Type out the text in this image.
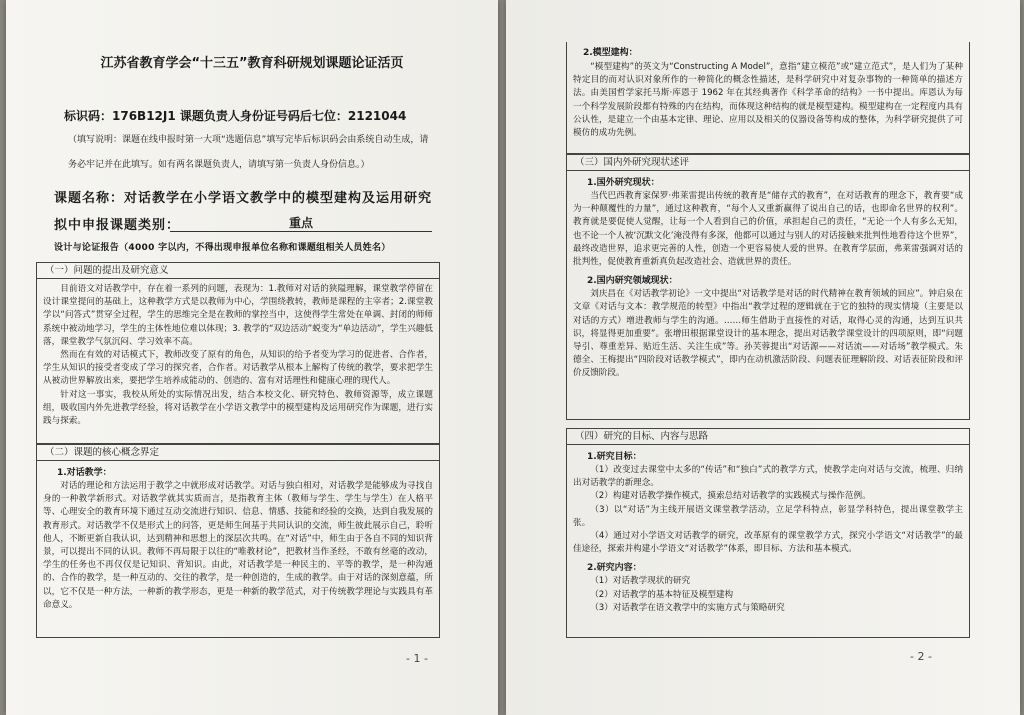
江苏省教育学会“十三五”教育科研规划课题论证活页
标识码：176B12J1 课题负责人身份证号码后七位：2121044
（填写说明：课题在线申报时第一大项“选题信息”填写完毕后标识码会由系统自动生成，请
务必牢记并在此填写。如有两名课题负责人，请填写第一负责人身份信息。）
课题名称：对话教学在小学语文教学中的模型建构及运用研究
拟中申报课题类别：	重点
设计与论证报告（4000 字以内，不得出现申报单位名称和课题组相关人员姓名）
（一）问题的提出及研究意义

目前语文对话教学中，存在着一系列的问题，表现为：1.教师对对话的狭隘理解，课堂教学停留在设计课堂提问的基础上，这种教学方式是以教师为中心，学围绕教转，教师是课程的主宰者；2.课堂教学以“问答式”贯穿全过程，学生的思维完全是在教师的掌控当中，这使得学生常处在单调、封闭的师师系统中被动地学习，学生的主体性地位难以体现；3. 教学的“双边活动”蜕变为“单边活动”，学生兴趣低落，课堂教学气氛沉闷、学习效率不高。

然而在有效的对话模式下，教师改变了原有的角色，从知识的给予者变为学习的促进者、合作者，学生从知识的接受者变成了学习的探究者，合作者。对话教学从根本上解构了传统的教学，要求把学生从被动世界解放出来，要把学生培养成能动的、创造的、富有对话理性和健康心理的现代人。

针对这一事实，我校从所处的实际情况出发，结合本校文化、研究特色、教师资源等，成立课题组，吸收国内外先进教学经验，将对话教学在小学语文教学中的模型建构及运用研究作为课题，进行实践与探索。

（二）课题的核心概念界定
1.对话教学：

对话的理论和方法运用于教学之中就形成对话教学。对话与独白相对，对话教学是能够成为寻找自身的一种教学新形式。对话教学就其实质而言，是指教育主体（教师与学生、学生与学生）在人格平等、心理安全的教育环境下通过互动交流进行知识、信息、情感、技能和经验的交换，达到自我发展的教育形式。对话教学不仅是形式上的问答，更是师生间基于共同认识的交流，师生彼此展示自己，聆听他人，不断更新自我认识，达到精神和思想上的深层次共鸣。在“对话”中，师生由于各自不同的知识背景，可以提出不同的认识。教师不再局限于以往的“唯教材论”，把教材当作圣经，不敢有丝毫的改动，学生的任务也不再仅仅是记知识、背知识。由此，对话教学是一种民主的、平等的教学，是一种沟通的、合作的教学，是一种互动的、交往的教学，是一种创造的，生成的教学。由于对话的深刻意蕴，所以，它不仅是一种方法，一种新的教学形态，更是一种新的教学范式，对于传统教学理论与实践具有革命意义。

- 1 -
2.模型建构：

“模型建构”的英文为“Constructing A Model”，意指“建立模范”或“建立范式”，是人们为了某种特定目的而对认识对象所作的一种简化的概念性描述，是科学研究中对复杂事物的一种简单的描述方法。由美国哲学家托马斯·库恩于 1962 年在其经典著作《科学革命的结构》一书中提出。库恩认为每一个科学发展阶段都有特殊的内在结构，而体现这种结构的就是模型建构。模型建构在一定程度内具有公认性，是建立一个由基本定律、理论、应用以及相关的仪器设备等构成的整体，为科学研究提供了可模仿的成功先例。

（三）国内外研究现状述评
1.国外研究现状：

当代巴西教育家保罗·弗莱雷提出传统的教育是“储存式的教育”，在对话教育的理念下，教育要“成为一种颠覆性的力量”，通过这种教育，“每个人又重新赢得了说出自己的话，也即命名世界的权利”。教育就是要促使人觉醒，让每一个人看到自己的价值，承担起自己的责任，“无论一个人有多么无知，也不论一个人被‘沉默文化’淹没得有多深，他都可以通过与别人的对话接触来批判性地看待这个世界”，最终改造世界，追求更完善的人性，创造一个更容易使人爱的世界。在教育学层面，弗莱雷强调对话的批判性，促使教育重新真负起改造社会、造就世界的责任。

2.国内研究领域现状：

刘庆昌在《对话教学初论》一文中提出“对话教学是对话的时代精神在教育领域的回应”。钟启泉在文章《对话与文本：教学规范的转型》中指出“教学过程的逻辑就在于它的独特的现实情境（主要是以对话的方式）增进教师与学生的沟通。……师生借助于直接性的对话，取得心灵的沟通，达到互识共识，将显得更加重要”。张增田根据课堂设计的基本理念，提出对话教学课堂设计的四项原则，即“问题导引、尊重差异、贴近生活、关注生成”等。孙芙蓉提出“对话源——对话流——对话场”教学模式。朱德全、王梅提出“四阶段对话教学模式”，即内在动机激活阶段、问题表征理解阶段、对话表征阶段和评价反馈阶段。

（四）研究的目标、内容与思路
1.研究目标：

（1）改变过去课堂中太多的“传话”和“独白”式的教学方式，使教学走向对话与交流，梳理、归纳出对话教学的新理念。

（2）构建对话教学操作模式，摸索总结对话教学的实践模式与操作范例。

（3）以“对话”为主线开展语文课堂教学活动，立足学科特点，彰显学科特色，提出课堂教学主张。

（4）通过对小学语文对话教学的研究，改革原有的课堂教学方式，探究小学语文“对话教学”的最佳途径，探索并构建小学语文“对话教学”体系，即目标、方法和基本模式。

2.研究内容：

（1）对话教学现状的研究

（2）对话教学的基本特征及模型建构

（3）对话教学在语文教学中的实施方式与策略研究

- 2 -
